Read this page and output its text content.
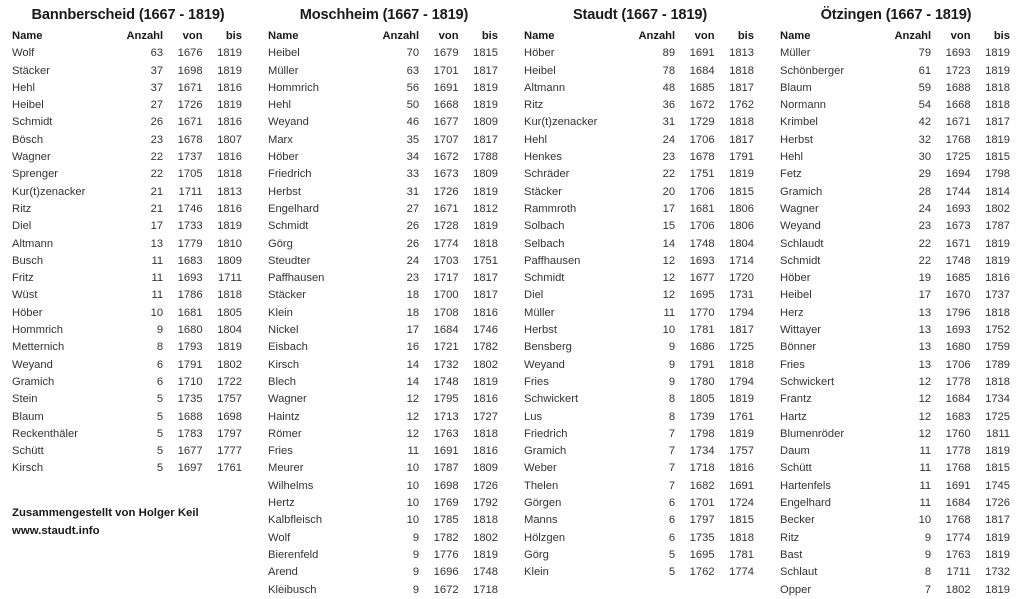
Bannberscheid (1667 - 1819)
Name	Anzahl	von	bis
Wolf	63	1676	1819
Stäcker	37	1698	1819
Hehl	37	1671	1816
Heibel	27	1726	1819
Schmidt	26	1671	1816
Bösch	23	1678	1807
Wagner	22	1737	1816
Sprenger	22	1705	1818
Kur(t)zenacker	21	1711	1813
Ritz	21	1746	1816
Diel	17	1733	1819
Altmann	13	1779	1810
Busch	11	1683	1809
Fritz	11	1693	1711
Wüst	11	1786	1818
Höber	10	1681	1805
Hommrich	9	1680	1804
Metternich	8	1793	1819
Weyand	6	1791	1802
Gramich	6	1710	1722
Stein	5	1735	1757
Blaum	5	1688	1698
Reckenthäler	5	1783	1797
Schütt	5	1677	1777
Kirsch	5	1697	1761
Moschheim (1667 - 1819)
Name	Anzahl	von	bis
Heibel	70	1679	1815
Müller	63	1701	1817
Hommrich	56	1691	1819
Hehl	50	1668	1819
Weyand	46	1677	1809
Marx	35	1707	1817
Höber	34	1672	1788
Friedrich	33	1673	1809
Herbst	31	1726	1819
Engelhard	27	1671	1812
Schmidt	26	1728	1819
Görg	26	1774	1818
Steudter	24	1703	1751
Paffhausen	23	1717	1817
Stäcker	18	1700	1817
Klein	18	1708	1816
Nickel	17	1684	1746
Eisbach	16	1721	1782
Kirsch	14	1732	1802
Blech	14	1748	1819
Wagner	12	1795	1816
Haintz	12	1713	1727
Römer	12	1763	1818
Fries	11	1691	1816
Meurer	10	1787	1809
Wilhelms	10	1698	1726
Hertz	10	1769	1792
Kalbfleisch	10	1785	1818
Wolf	9	1782	1802
Bierenfeld	9	1776	1819
Arend	9	1696	1748
Kleibusch	9	1672	1718
Staudt (1667 - 1819)
Name	Anzahl	von	bis
Höber	89	1691	1813
Heibel	78	1684	1818
Altmann	48	1685	1817
Ritz	36	1672	1762
Kur(t)zenacker	31	1729	1818
Hehl	24	1706	1817
Henkes	23	1678	1791
Schräder	22	1751	1819
Stäcker	20	1706	1815
Rammroth	17	1681	1806
Solbach	15	1706	1806
Selbach	14	1748	1804
Paffhausen	12	1693	1714
Schmidt	12	1677	1720
Diel	12	1695	1731
Müller	11	1770	1794
Herbst	10	1781	1817
Bensberg	9	1686	1725
Weyand	9	1791	1818
Fries	9	1780	1794
Schwickert	8	1805	1819
Lus	8	1739	1761
Friedrich	7	1798	1819
Gramich	7	1734	1757
Weber	7	1718	1816
Thelen	7	1682	1691
Görgen	6	1701	1724
Manns	6	1797	1815
Hölzgen	6	1735	1818
Görg	5	1695	1781
Klein	5	1762	1774
Ötzingen (1667 - 1819)
Name	Anzahl	von	bis
Müller	79	1693	1819
Schönberger	61	1723	1819
Blaum	59	1688	1818
Normann	54	1668	1818
Krimbel	42	1671	1817
Herbst	32	1768	1819
Hehl	30	1725	1815
Fetz	29	1694	1798
Gramich	28	1744	1814
Wagner	24	1693	1802
Weyand	23	1673	1787
Schlaudt	22	1671	1819
Schmidt	22	1748	1819
Höber	19	1685	1816
Heibel	17	1670	1737
Herz	13	1796	1818
Wittayer	13	1693	1752
Bönner	13	1680	1759
Fries	13	1706	1789
Schwickert	12	1778	1818
Frantz	12	1684	1734
Hartz	12	1683	1725
Blumenröder	12	1760	1811
Daum	11	1778	1819
Schütt	11	1768	1815
Hartenfels	11	1691	1745
Engelhard	11	1684	1726
Becker	10	1768	1817
Ritz	9	1774	1819
Bast	9	1763	1819
Schlaut	8	1711	1732
Opper	7	1802	1819
Zusammengestellt von Holger Keil
www.staudt.info
